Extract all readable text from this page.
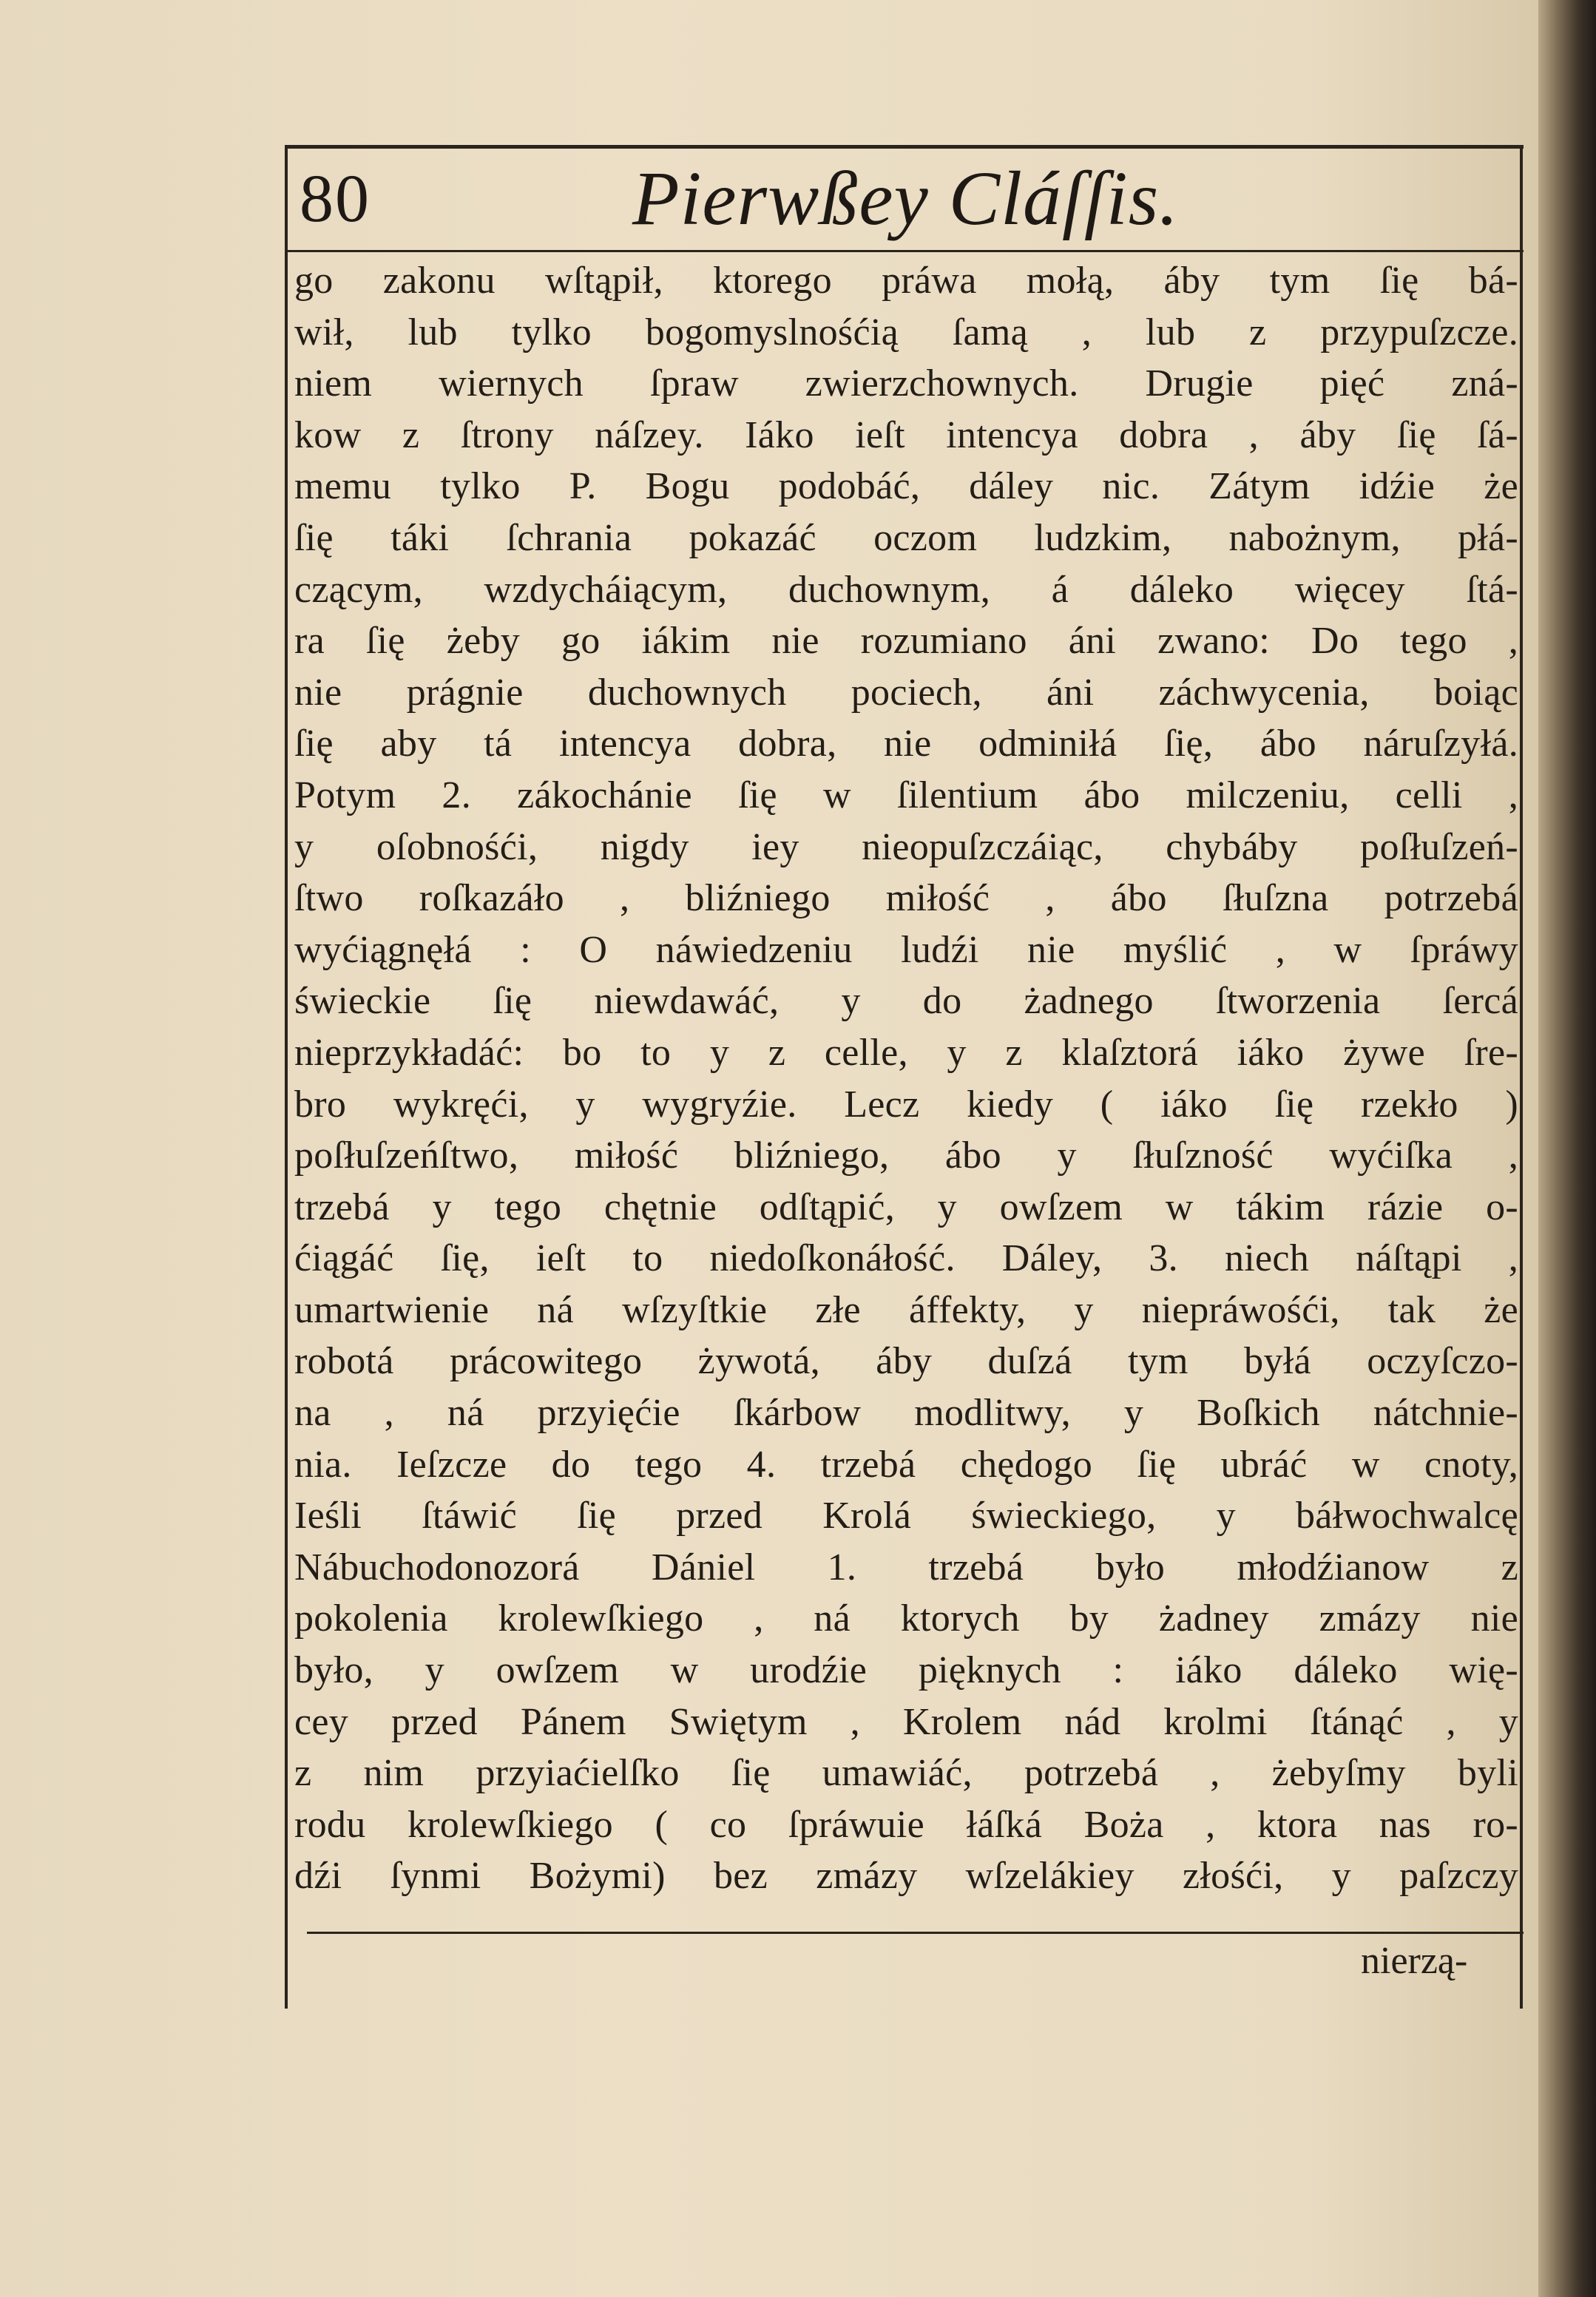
80	Pierwßey Cláſſis.
go zakonu wſtąpił, ktorego práwa mołą, áby tym ſię bá-
wił, lub tylko bogomyslnośćią ſamą , lub z przypuſzcze.
niem wiernych ſpraw zwierzchownych. Drugie pięć zná-
kow z ſtrony náſzey. Iáko ieſt intencya dobra , áby ſię ſá-
memu tylko P. Bogu podobáć, dáley nic. Zátym idźie że
ſię táki ſchrania pokazáć oczom ludzkim, nabożnym, płá-
czącym, wzdycháiącym, duchownym, á dáleko więcey ſtá-
ra ſię żeby go iákim nie rozumiano áni zwano: Do tego ,
nie prágnie duchownych pociech, áni záchwycenia, boiąc
ſię aby tá intencya dobra, nie odminiłá ſię, ábo náruſzyłá.
Potym 2. zákochánie ſię w ſilentium ábo milczeniu, celli ,
y oſobnośći, nigdy iey nieopuſzczáiąc, chybáby poſłuſzeń-
ſtwo roſkazáło , bliźniego miłość , ábo ſłuſzna potrzebá
wyćiągnęłá : O náwiedzeniu ludźi nie myślić , w ſpráwy
świeckie ſię niewdawáć, y do żadnego ſtworzenia ſercá
nieprzykładáć: bo to y z celle, y z klaſztorá iáko żywe ſre-
bro wykręći, y wygryźie. Lecz kiedy ( iáko ſię rzekło )
poſłuſzeńſtwo, miłość bliźniego, ábo y ſłuſzność wyćiſka ,
trzebá y tego chętnie odſtąpić, y owſzem w tákim rázie o-
ćiągáć ſię, ieſt to niedoſkonáłość. Dáley, 3. niech náſtąpi ,
umartwienie ná wſzyſtkie złe áffekty, y niepráwośći, tak że
robotá prácowitego żywotá, áby duſzá tym byłá oczyſczo-
na , ná przyięćie ſkárbow modlitwy, y Boſkich nátchnie-
nia. Ieſzcze do tego 4. trzebá chędogo ſię ubráć w cnoty,
Ieśli ſtáwić ſię przed Krolá świeckiego, y báłwochwalcę
Nábuchodonozorá Dániel 1. trzebá było młodźianow z
pokolenia krolewſkiego , ná ktorych by żadney zmázy nie
było, y owſzem w urodźie pięknych : iáko dáleko wię-
cey przed Pánem Swiętym , Krolem nád krolmi ſtánąć , y
z nim przyiaćielſko ſię umawiáć, potrzebá , żebyſmy byli
rodu krolewſkiego ( co ſpráwuie łáſká Boża , ktora nas ro-
dźi ſynmi Bożymi) bez zmázy wſzelákiey złośći, y paſzczy
nierzą-
